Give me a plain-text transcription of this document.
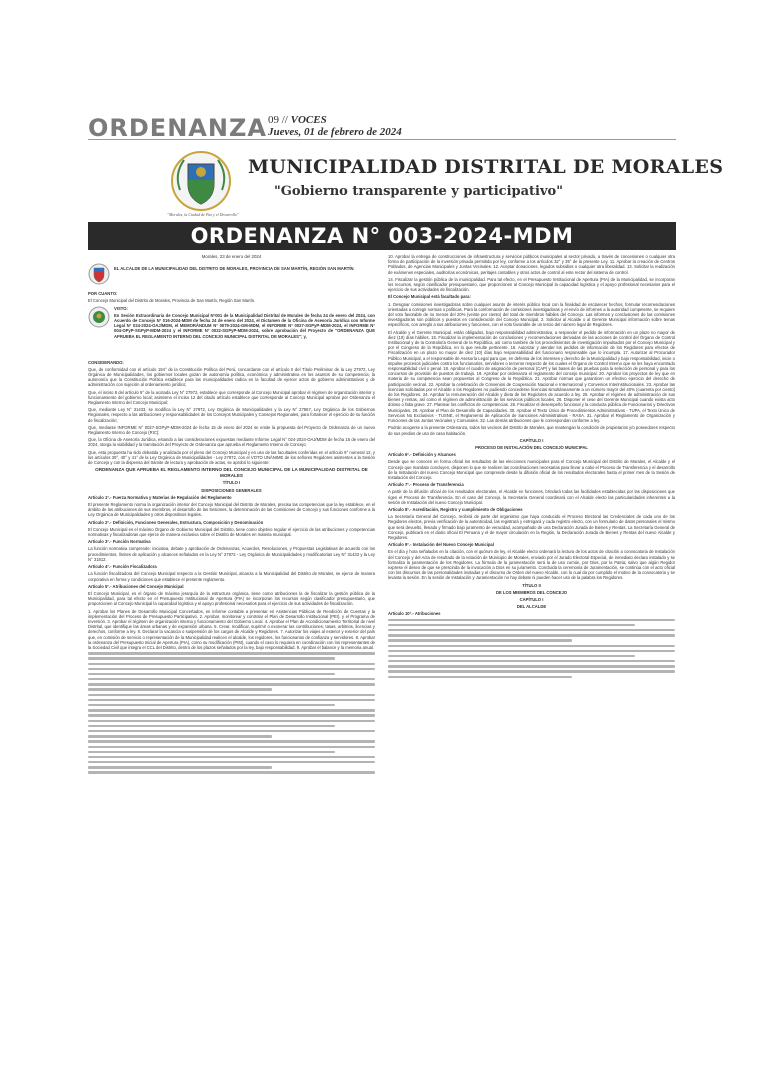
ORDENANZA 09 // VOCES
Jueves, 01 de febrero de 2024
"Morales, la Ciudad de Paz y el Desarrollo"
MUNICIPALIDAD DISTRITAL DE MORALES
"Gobierno transparente y participativo"
ORDENANZA N° 003-2024-MDM

Morales, 23 de enero del 2024

EL ALCALDE DE LA MUNICIPALIDAD DEL DISTRITO DE MORALES, PROVINCIA DE SAN MARTÍN, REGIÓN SAN MARTÍN

POR CUANTO:

El Concejo Municipal del Distrito de Morales, Provincia de San Martín, Región San Martín.

VISTO:

En Sesión Extraordinaria de Concejo Municipal N°001 de la Municipalidad Distrital de Morales de fecha 24 de enero del 2024, con Acuerdo de Concejo N° 016-2024-MDM de fecha 24 de enero del 2024, el Dictamen de la Oficina de Asesoría Jurídica con Informe Legal N° 024-2024-OAJ/MDM, el MEMORÁNDUM N° 0079-2024-GM-MDM, el INFORME N° 0027-SGPyP-MDM-2024, el INFORME N° 004-OPyP-SGPyP-MDM-2024 y el INFORME N° 0022-SGPyP-MDM-2024, sobre aprobación del Proyecto de "ORDENANZA QUE APRUEBA EL REGLAMENTO INTERNO DEL CONCEJO MUNICIPAL DISTRITAL DE MORALES"; y,

CONSIDERANDO:

Que, de conformidad con el artículo 194° de la Constitución Política del Perú, concordante con el artículo II del Título Preliminar de la Ley 27972, Ley Orgánica de Municipalidades, los gobiernos locales gozan de autonomía política, económica y administrativa en los asuntos de su competencia; la autonomía que la Constitución Política establece para las municipalidades radica en la facultad de ejercer actos de gobierno administrativos y de administración con sujeción al ordenamiento jurídico;

Que, el inciso 8 del artículo 9° de la acotada Ley N° 27972, establece que corresponde al Concejo Municipal aprobar el régimen de organización interior y funcionamiento del gobierno local; asimismo el inciso 12 del citado artículo establece que corresponde al Concejo Municipal aprobar por Ordenanza el Reglamento Interno del Concejo Municipal;

Que, mediante Ley N° 31433, se modifica la Ley N° 27972, Ley Orgánica de Municipalidades y la Ley N° 27867, Ley Orgánica de los Gobiernos Regionales, respecto a las atribuciones y responsabilidades de los Concejos Municipales y Consejos Regionales, para fortalecer el ejercicio de su función de fiscalización;

Que, mediante INFORME N° 0027-SGPyP-MDM-2024 de fecha 15 de enero del 2024 se emite la propuesta del Proyecto de Ordenanza de un nuevo Reglamento Interno de Concejo (RIC);

Que, la Oficina de Asesoría Jurídica, estando a las consideraciones expuestas mediante Informe Legal N° 024-2024-OAJ/MDM de fecha 16 de enero del 2024, otorga la viabilidad y la tramitación del Proyecto de Ordenanza que aprueba el Reglamento Interno de Concejo;

Que, esta propuesta ha sido debatida y analizada por el pleno del Concejo Municipal y en uso de las facultades conferidas en el artículo 9° numeral 12, y los artículos 39°, 40° y 41° de la Ley Orgánica de Municipalidades - Ley 27972, con el VOTO UNÁNIME de los señores Regidores asistentes a la Sesión de Concejo y con la dispensa del trámite de lectura y aprobación de actas, se aprobó lo siguiente:

ORDENANZA QUE APRUEBA EL REGLAMENTO INTERNO DEL CONCEJO MUNICIPAL DE LA MUNICIPALIDAD DISTRITAL DE MORALES

TÍTULO I

DISPOSICIONES GENERALES

Artículo 1°.- Fuerza Normativa y Materias de Regulación del Reglamento

El presente Reglamento norma la organización interior del Concejo Municipal del Distrito de Morales, precisa las competencias que la ley establece, en el ámbito de las atribuciones de sus miembros, el desarrollo de las Sesiones, la determinación de las Comisiones de Concejo y sus funciones conforme a la Ley Orgánica de Municipalidades y otros dispositivos legales.

Artículo 2°.- Definición, Funciones Generales, Estructura, Composición y Denominación

El Concejo Municipal es el máximo Órgano de Gobierno Municipal del Distrito, tiene como objetivo regular el ejercicio de las atribuciones y competencias normativas y fiscalizadoras que ejerce de manera exclusiva sobre el Distrito de Morales en materia municipal.

Artículo 3°.- Función Normativa

La función normativa comprende: iniciativa, debate y aprobación de Ordenanzas, Acuerdos, Resoluciones, y Propuestas Legislativas de acuerdo con los procedimientos, límites de aplicación y alcances señalados en la Ley N° 27972 - Ley Orgánica de Municipalidades y modificatorias Ley N° 31433 y la Ley N° 31812.

Artículo 4°.- Función Fiscalizadora

La función fiscalizadora del Concejo Municipal respecto a la Gestión Municipal, alcanza a la Municipalidad del Distrito de Morales, se ejerce de manera corporativa en forma y condiciones que establece el presente reglamento.

Artículo 5°.- Atribuciones del Concejo Municipal

El Concejo Municipal, es el órgano de máxima jerarquía de la estructura orgánica, tiene como atribuciones la de fiscalizar la gestión pública de la Municipalidad, para tal efecto en el Presupuesto Institucional de Apertura (PIA) se incorporan los recursos según clasificador presupuestario, que proporcionen al Concejo Municipal la capacidad logística y el apoyo profesional necesarios para el ejercicio de sus actividades de fiscalización.

1. Aprobar los Planes de Desarrollo Municipal Concertados, en informe contable a presentar en Asistencias Públicas de Rendición de Cuentas y la implementación del Proceso de Presupuesto Participativo. 2. Aprobar, monitorear y controlar el Plan de Desarrollo Institucional (PEI), y el Programa de Inversión. 3. Aprobar el régimen de organización interna y funcionamiento del Gobierno Local. 4. Aprobar el Plan de Acondicionamiento Territorial de nivel Distrital, que identifique las áreas urbanas y de expansión urbana. 5. Crear, modificar, suprimir o exonerar las contribuciones, tasas, arbitrios, licencias y derechos, conforme a ley. 6. Declarar la vacancia o suspensión de los cargos de Alcalde y Regidores. 7. Autorizar los viajes al exterior y exterior del país que, en comisión de servicio o representación de la Municipalidad realicen el alcalde, los regidores, los funcionarios de confianza y servidores. 8. Aprobar la ordenanza del Presupuesto Inicial de Apertura (PIA), como su modificación (PIM), cuando el caso lo requiera en coordinación con los representantes de la Sociedad Civil que integra el CCL del Distrito, dentro de los plazos señalados por la ley, bajo responsabilidad. 9. Aprobar el balance y la memoria anual.

10. Aprobar la entrega de construcciones de infraestructura y servicios públicos municipales al sector privado, a través de concesiones o cualquier otra forma de participación de la inversión privada permitida por ley, conforme a los artículos 32° y 35° de la presente Ley. 11. Aprobar la creación de Centros Poblados, de Agencias Municipales y Juntas Vecinales. 12. Aceptar donaciones, legados subsidios o cualquier otra liberalidad. 13. Solicitar la realización de exámenes especiales, auditorías económicas, peritajes contables y otros actos de control al ente rector del sistema de control.

14. Fiscalizar la gestión pública de la municipalidad. Para tal efecto, en el Presupuesto Institucional de Apertura (PIA) de la Municipalidad, se incorporan los recursos, según clasificador presupuestario, que proporcionen al Concejo Municipal la capacidad logística y el apoyo profesional necesarios para el ejercicio de sus actividades de fiscalización.

El Concejo Municipal está facultado para:

1. Designar comisiones investigadoras sobre cualquier asunto de interés público local con la finalidad de esclarecer hechos, formular recomendaciones orientadas a corregir normas o políticas. Para la conformación de comisiones investigadoras y el envío de informes a la autoridad competente, se requiere del voto favorable de no menos del 20% (veinte por ciento) del total de miembros hábiles del Concejo. Las informes y conclusiones de las comisiones investigadoras son públicos y puestos en consideración del Concejo Municipal. 2. Solicitar al Alcalde o al Gerente Municipal información sobre temas específicos, con arreglo a sus atribuciones y funciones, con el voto favorable de un tercio del número legal de Regidores.

El Alcalde y el Gerente Municipal, están obligados, bajo responsabilidad administrativa, a responder el pedido de información en un plazo no mayor de diez (10) días hábiles. 15. Fiscalizar la implementación de conclusiones y recomendaciones derivadas de las acciones de control del Órgano de Control Institucional y de la Contraloría General de la República, así como también de los procedimientos de investigación impulsados por el Concejo Municipal y por el Congreso de la República, en lo que resulte pertinente. 16. Autorizar y atender los pedidos de información de los Regidores para efectos de Fiscalización en un plazo no mayor de diez (10) días bajo responsabilidad del funcionario responsable que lo incumpla. 17. Autorizar al Procurador Público Municipal, a el responsable de Asesoría Legal para que, en defensa de los intereses y derecho de la Municipalidad y bajo responsabilidad, inicie o impulse procesos judiciales contra los funcionarios, servidores o terceros respecto de los cuales el Órgano de Control Interno que se les haya encontrado responsabilidad civil o penal. 18. Aprobar el cuadro de asignación de personal (CAP) y las bases de las pruebas para la selección de personal y para los concursos de provisión de puestos de trabajo. 19. Aprobar por ordenanza el reglamento del concejo municipal. 20. Aprobar los proyectos de ley que en materia de su competencia sean propuestos al Congreso de la República. 21. Aprobar normas que garanticen un efectivo ejercicio del derecho de participación vecinal. 22. Aprobar la celebración de Convenios de Cooperación Nacional e Internacional y Convenios Interinstitucionales. 23. Aprobar las licencias solicitadas por el Alcalde o los Regidores no pudiendo concederse licencias simultáneamente a un número mayor del 40% (cuarenta por ciento) de los Regidores. 24. Aprobar la remuneración del Alcalde y dieta de los Regidores de acuerdo a ley. 25. Aprobar el régimen de administración de sus bienes y rentas, así como el régimen de administración de los servicios públicos locales. 26. Disponer el cese del Gerente Municipal cuando exista acto doloso o falta grave. 27. Plantear los conflictos de competencias. 28. Fiscalizar el desempeño funcional y la conducta pública de Funcionarios y Directivos Municipales. 29. Aprobar el Plan de Desarrollo de Capacidades. 30. Aprobar el Texto Único de Procedimientos Administrativos - TUPA, el Texto Único de Servicios No Exclusivos - TUSNE, el Reglamento de Aplicación de Sanciones Administrativas - RASA. 31. Aprobar el Reglamento de Organización y Funciones de las Juntas Vecinales y Comunales. 32. Las demás atribuciones que le correspondan conforme a ley.

Podrán acogerse a la presente Ordenanza, todos los vecinos del Distrito de Morales, que mantengan la condición de propietarios y/o poseedores respecto de sus predios de uso de casa habitación.

CAPÍTULO I

PROCESO DE INSTALACIÓN DEL CONCEJO MUNICIPAL

Artículo 6°.- Definición y Alcances

Desde que se conocen en forma oficial los resultados de las elecciones municipales para el Concejo Municipal del Distrito de Morales, el Alcalde y el Concejo que mandato concluyen, disponen lo que se realicen las coordinaciones necesarias para llevar a cabo el Proceso de Transferencia y el desarrollo de la Instalación del nuevo Concejo Municipal que comprende desde la difusión oficial de los resultados electorales hasta el primer mes de la Sesión de Instalación del Concejo.

Artículo 7°.- Proceso de Transferencia

A partir de la difusión oficial de los resultados electorales, el Alcalde en funciones, brindará todas las facilidades establecidas por las disposiciones que rigen el Proceso de Transferencia. En el caso del Concejo, la Secretaría General coordinará con el Alcalde electo las particularidades inherentes a la sesión de Instalación del nuevo Concejo Municipal.

Artículo 8°.- Acreditación, Registro y cumplimiento de Obligaciones

La Secretaría General del Concejo, recibirá de parte del organismo que haya conducido el Proceso Electoral las Credenciales de cada uno de los Regidores electos, previa verificación de la autenticidad, las registrará y entregará y cada registro electo, con un formulario de datos personales el mismo que será devuelto, llenado y firmado bajo juramento de veracidad, acompañado de una Declaración Jurada de Bienes y Rentas. La Secretaría General de Concejo, publicará en el diario oficial El Peruano y el de mayor circulación en la Región, la Declaración Jurada de Bienes y Rentas del nuevo Alcalde y Regidores.

Artículo 9°.- Instalación del Nuevo Concejo Municipal

En el día y hora señalados en la citación, con el quórum de ley, el Alcalde electo ordenará la lectura de los actos de citación a convocatoria de Instalación del Concejo y del Acta de resultado de la votación de Municipio de Morales, enviado por el Jurado Electoral Especial, de inmediato declara instalado y se formaliza la juramentación de los Regidores. La fórmula de la juramentación será la de uso común, por Dios, por la Patria; salvo que algún Regidor exprese el deseo de que se prescinda de la invocación a Dios en su juramento. Concluida la ceremonia de Juramentación, se continúa con el acto oficial con los discursos de las personalidades invitadas y el discurso de Orden del nuevo Alcalde, con lo cual da por cumplido el motivo de la convocatoria y se levanta la sesión. En la sesión de Instalación y Juramentación no hay debate ni pueden hacer uso de la palabra los Regidores.

TÍTULO II

DE LOS MIEMBROS DEL CONCEJO

CAPÍTULO I

DEL ALCALDE

Artículo 10°.- Atribuciones
